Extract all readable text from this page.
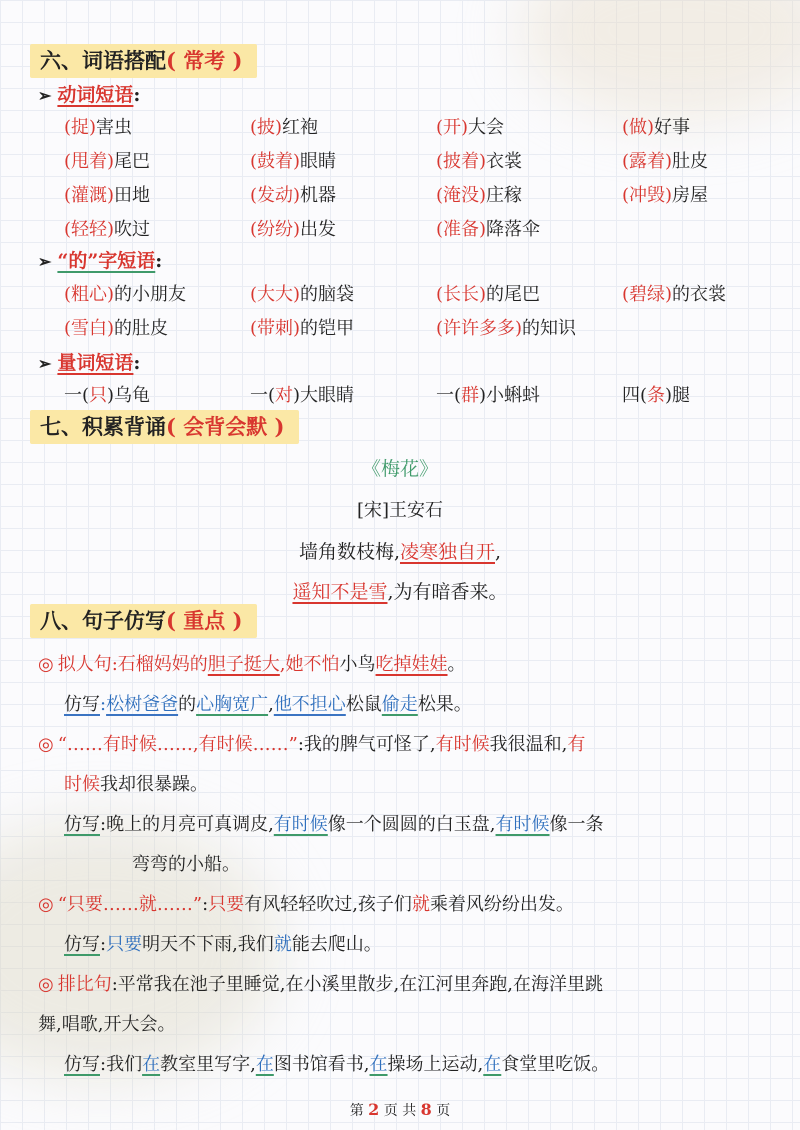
六、词语搭配( 常考 )
➢ 动词短语:
(捉)害虫	(披)红袍	(开)大会	(做)好事
(甩着)尾巴	(鼓着)眼睛	(披着)衣裳	(露着)肚皮
(灌溉)田地	(发动)机器	(淹没)庄稼	(冲毁)房屋
(轻轻)吹过	(纷纷)出发	(准备)降落伞
➢ “的”字短语:
(粗心)的小朋友	(大大)的脑袋	(长长)的尾巴	(碧绿)的衣裳
(雪白)的肚皮	(带刺)的铠甲	(许许多多)的知识
➢ 量词短语:
一(只)乌龟	一(对)大眼睛	一(群)小蝌蚪	四(条)腿
七、积累背诵( 会背会默 )
《梅花》
[宋]王安石
墙角数枝梅,凌寒独自开,
遥知不是雪,为有暗香来。
八、句子仿写( 重点 )
◎ 拟人句:石榴妈妈的胆子挺大,她不怕小鸟吃掉娃娃。
仿写:松树爸爸的心胸宽广,他不担心松鼠偷走松果。
◎ “……有时候……,有时候……”:我的脾气可怪了,有时候我很温和,有
时候我却很暴躁。
仿写:晚上的月亮可真调皮,有时候像一个圆圆的白玉盘,有时候像一条
弯弯的小船。
◎ “只要……就……”:只要有风轻轻吹过,孩子们就乘着风纷纷出发。
仿写:只要明天不下雨,我们就能去爬山。
◎ 排比句:平常我在池子里睡觉,在小溪里散步,在江河里奔跑,在海洋里跳
舞,唱歌,开大会。
仿写:我们在教室里写字,在图书馆看书,在操场上运动,在食堂里吃饭。
第 2 页 共 8 页
